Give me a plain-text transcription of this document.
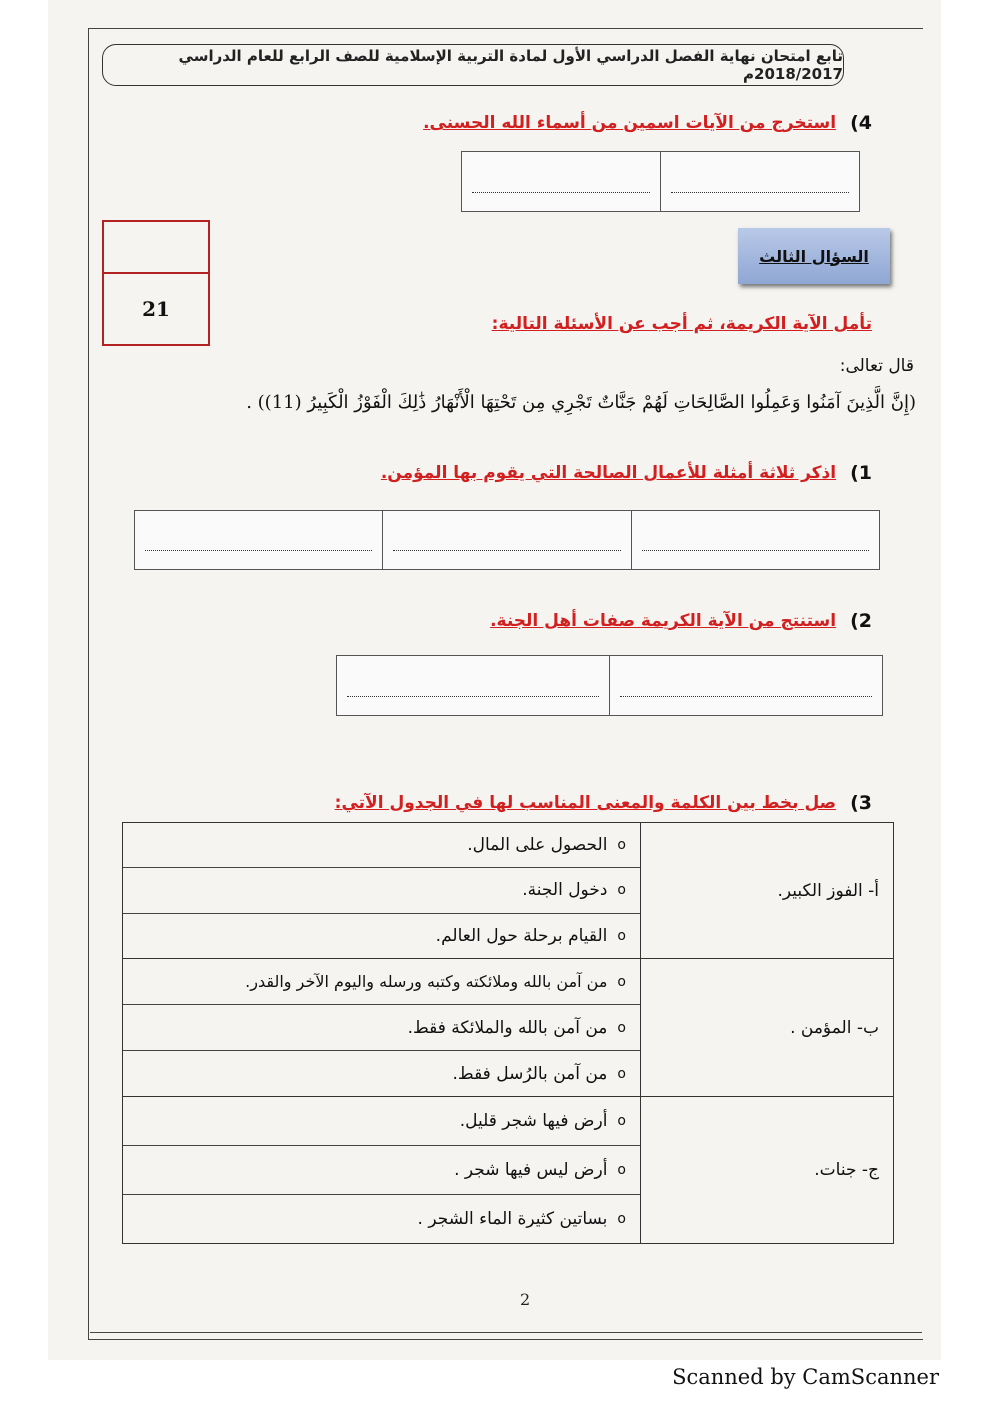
تابع امتحان نهاية الفصل الدراسي الأول لمادة التربية الإسلامية للصف الرابع للعام الدراسي 2018/2017م
4)
استخرج من الآيات اسمين من أسماء الله الحسنى.
21
السؤال الثالث
تأمل الآية الكريمة، ثم أجب عن الأسئلة التالية:
قال تعالى:
(إِنَّ الَّذِينَ آمَنُوا وَعَمِلُوا الصَّالِحَاتِ لَهُمْ جَنَّاتٌ تَجْرِي مِن تَحْتِهَا الْأَنْهَارُ ذَٰلِكَ الْفَوْزُ الْكَبِيرُ (11)) .
1)
اذكر ثلاثة أمثلة للأعمال الصالحة التي يقوم بها المؤمن.
2)
استنتج من الآية الكريمة صفات أهل الجنة.
3)
صل بخط بين الكلمة والمعنى المناسب لها في الجدول الآتي:
أ- الفوز الكبير.
o
الحصول على المال.
o
دخول الجنة.
o
القيام برحلة حول العالم.
ب- المؤمن .
o
من آمن بالله وملائكته وكتبه ورسله واليوم الآخر والقدر.
o
من آمن بالله والملائكة فقط.
o
من آمن بالرُسل فقط.
ج- جنات.
o
أرض فيها شجر قليل.
o
أرض ليس فيها شجر .
o
بساتين كثيرة الماء الشجر .
2
Scanned by CamScanner
